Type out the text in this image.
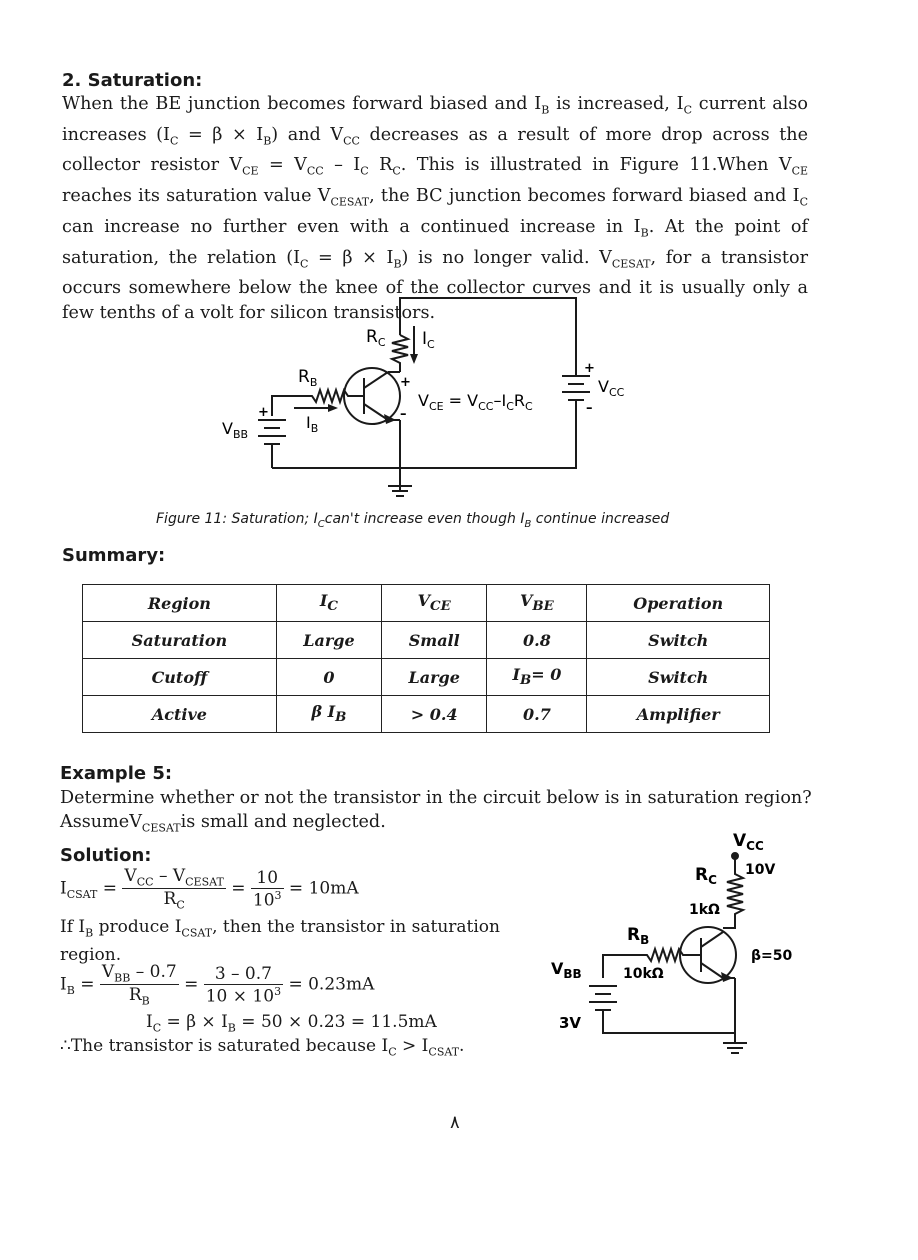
2. Saturation:
When the BE junction becomes forward biased and $I_B$ is increased, $I_C$ current also increases $(I_C = \beta \times I_B)$ and $V_{CC}$ decreases as a result of more drop across the collector resistor $V_{CE} = V_{CC} - I_C$ $R_C$. This is illustrated in Figure 11.When $V_{CE}$ reaches its saturation value $V_{CESAT}$, the BC junction becomes forward biased and $I_C$ can increase no further even with a continued increase in $I_B$. At the point of saturation, the relation $(I_C = \beta \times I_B)$ is no longer valid. $V_{CESAT}$, for a transistor occurs somewhere below the knee of the collector curves and it is usually only a few tenths of a volt for silicon transistors.
$R_C$ $I_C$
$R_B$
$I_B$
$V_{BB}$
$V_{CC}$
$V_{CE} = V_{CC}-I_CR_C$
+
–
+
+
–
Figure 11: Saturation; $I_Ccan't$ increase even though $I_B$ continue increased
Summary:
Region	$I_C$	$V_{CE}$	$V_{BE}$	Operation
Saturation	Large	Small	0.8	Switch
Cutoff	0	Large	$I_B= 0$	Switch
Active	β $I_B$	> 0.4	0.7	Amplifier
Example 5:
Determine whether or not the transistor in the circuit below is in saturation region?
AssumeV$_{CESAT}$is small and neglected.
Solution:
$I_{CSAT} = \frac{V_{CC} - V_{CESAT}}{R_C} = \frac{10}{10^3} = 10mA$
If $I_B$ produce $I_{CSAT}$, then the transistor in saturation
region.
$I_B = \frac{V_{BB} - 0.7}{R_B} = \frac{3 - 0.7}{10 \times 10^3} = 0.23mA$
$I_C = \beta \times I_B = 50 \times 0.23 = 11.5mA$
∴The transistor is saturated because $I_C > I_{CSAT}$.
$V_{CC}$
10V
$R_C$
1kΩ
$R_B$
10kΩ
$V_{BB}$
3V
β=50
٨
